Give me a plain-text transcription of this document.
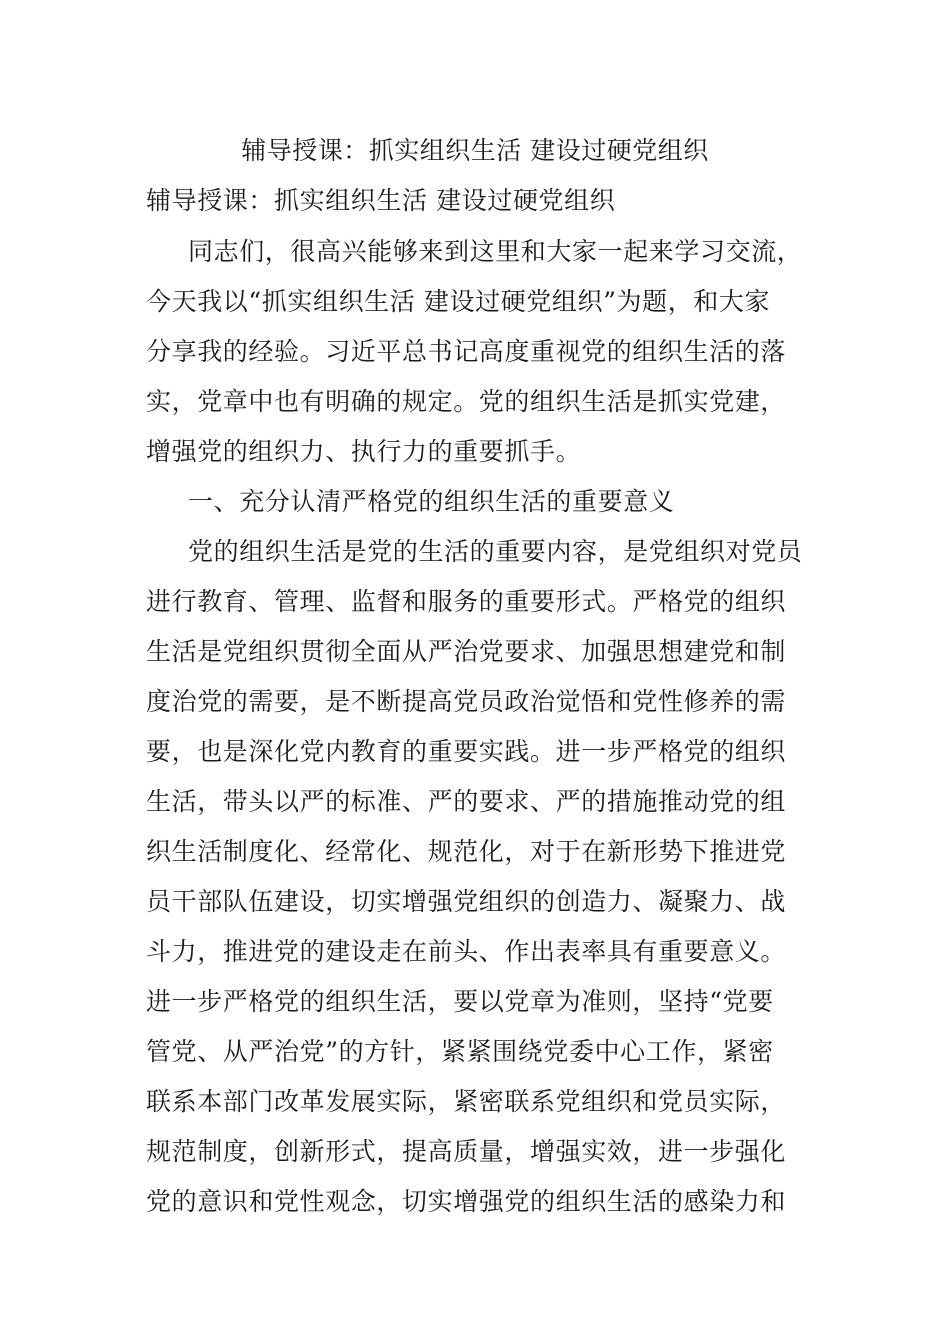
辅导授课：抓实组织生活 建设过硬党组织
辅导授课：抓实组织生活 建设过硬党组织
同志们，很高兴能够来到这里和大家一起来学习交流，
今天我以“抓实组织生活 建设过硬党组织”为题，和大家
分享我的经验。习近平总书记高度重视党的组织生活的落
实，党章中也有明确的规定。党的组织生活是抓实党建，
增强党的组织力、执行力的重要抓手。
一、充分认清严格党的组织生活的重要意义
党的组织生活是党的生活的重要内容，是党组织对党员
进行教育、管理、监督和服务的重要形式。严格党的组织
生活是党组织贯彻全面从严治党要求、加强思想建党和制
度治党的需要，是不断提高党员政治觉悟和党性修养的需
要，也是深化党内教育的重要实践。进一步严格党的组织
生活，带头以严的标准、严的要求、严的措施推动党的组
织生活制度化、经常化、规范化，对于在新形势下推进党
员干部队伍建设，切实增强党组织的创造力、凝聚力、战
斗力，推进党的建设走在前头、作出表率具有重要意义。
进一步严格党的组织生活，要以党章为准则，坚持“党要
管党、从严治党”的方针，紧紧围绕党委中心工作，紧密
联系本部门改革发展实际，紧密联系党组织和党员实际，
规范制度，创新形式，提高质量，增强实效，进一步强化
党的意识和党性观念，切实增强党的组织生活的感染力和
